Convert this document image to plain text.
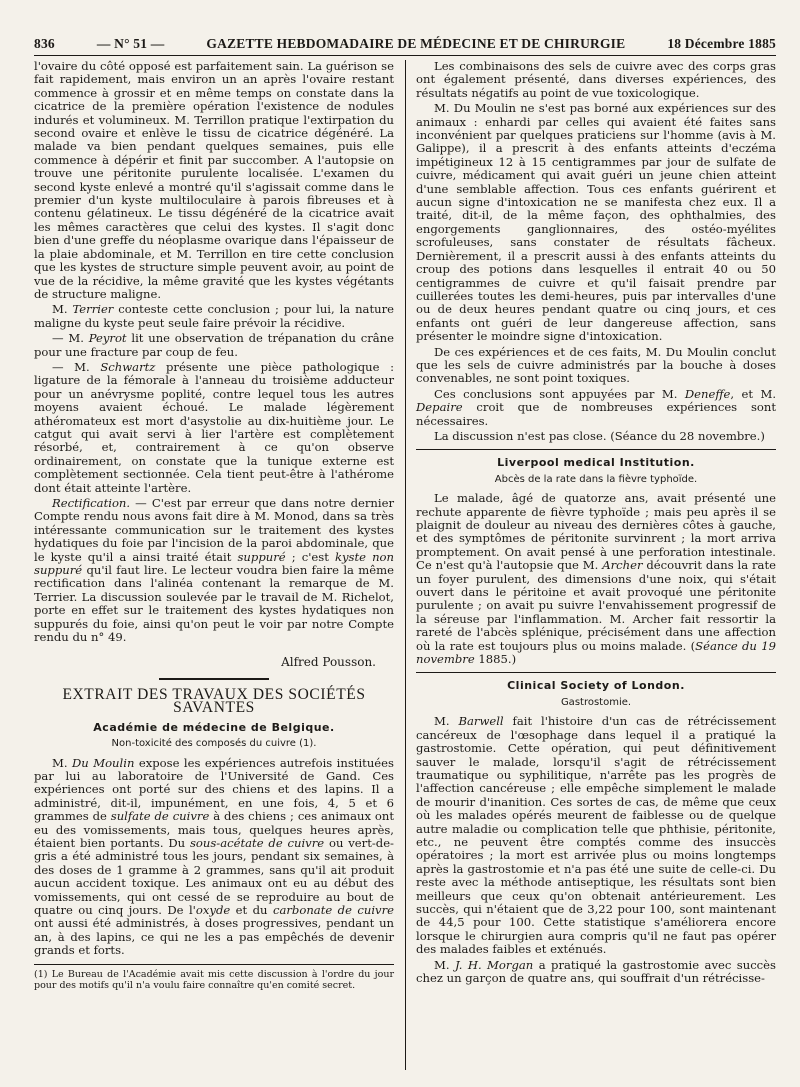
836	— N° 51 —	GAZETTE HEBDOMADAIRE DE MÉDECINE ET DE CHIRURGIE	18 Décembre 1885

l'ovaire du côté opposé est parfaitement sain. La guérison se fait rapidement, mais environ un an après l'ovaire restant commence à grossir et en même temps on constate dans la cicatrice de la première opération l'existence de nodules indurés et volumineux. M. Terrillon pratique l'extirpation du second ovaire et enlève le tissu de cicatrice dégénéré. La malade va bien pendant quelques semaines, puis elle commence à dépérir et finit par succomber. A l'autopsie on trouve une péritonite purulente localisée. L'examen du second kyste enlevé a montré qu'il s'agissait comme dans le premier d'un kyste multiloculaire à parois fibreuses et à contenu gélatineux. Le tissu dégénéré de la cicatrice avait les mêmes caractères que celui des kystes. Il s'agit donc bien d'une greffe du néoplasme ovarique dans l'épaisseur de la plaie abdominale, et M. Terrillon en tire cette conclusion que les kystes de structure simple peuvent avoir, au point de vue de la récidive, la même gravité que les kystes végétants de structure maligne.

M. Terrier conteste cette conclusion ; pour lui, la nature maligne du kyste peut seule faire prévoir la récidive.

— M. Peyrot lit une observation de trépanation du crâne pour une fracture par coup de feu.

— M. Schwartz présente une pièce pathologique : ligature de la fémorale à l'anneau du troisième adducteur pour un anévrysme poplité, contre lequel tous les autres moyens avaient échoué. Le malade légèrement athéromateux est mort d'asystolie au dix-huitième jour. Le catgut qui avait servi à lier l'artère est complètement résorbé, et, contrairement à ce qu'on observe ordinairement, on constate que la tunique externe est complètement sectionnée. Cela tient peut-être à l'athérome dont était atteinte l'artère.

Rectification. — C'est par erreur que dans notre dernier Compte rendu nous avons fait dire à M. Monod, dans sa très intéressante communication sur le traitement des kystes hydatiques du foie par l'incision de la paroi abdominale, que le kyste qu'il a ainsi traité était suppuré ; c'est kyste non suppuré qu'il faut lire. Le lecteur voudra bien faire la même rectification dans l'alinéa contenant la remarque de M. Terrier. La discussion soulevée par le travail de M. Richelot, porte en effet sur le traitement des kystes hydatiques non suppurés du foie, ainsi qu'on peut le voir par notre Compte rendu du n° 49.

Alfred Pousson.
EXTRAIT DES TRAVAUX DES SOCIÉTÉS SAVANTES
Académie de médecine de Belgique.
Non-toxicité des composés du cuivre (1).

M. Du Moulin expose les expériences autrefois instituées par lui au laboratoire de l'Université de Gand. Ces expériences ont porté sur des chiens et des lapins. Il a administré, dit-il, impunément, en une fois, 4, 5 et 6 grammes de sulfate de cuivre à des chiens ; ces animaux ont eu des vomissements, mais tous, quelques heures après, étaient bien portants. Du sous-acétate de cuivre ou vert-de-gris a été administré tous les jours, pendant six semaines, à des doses de 1 gramme à 2 grammes, sans qu'il ait produit aucun accident toxique. Les animaux ont eu au début des vomissements, qui ont cessé de se reproduire au bout de quatre ou cinq jours. De l'oxyde et du carbonate de cuivre ont aussi été administrés, à doses progressives, pendant un an, à des lapins, ce qui ne les a pas empêchés de devenir grands et forts.

(1) Le Bureau de l'Académie avait mis cette discussion à l'ordre du jour pour des motifs qu'il n'a voulu faire connaître qu'en comité secret.

Les combinaisons des sels de cuivre avec des corps gras ont également présenté, dans diverses expériences, des résultats négatifs au point de vue toxicologique.

M. Du Moulin ne s'est pas borné aux expériences sur des animaux : enhardi par celles qui avaient été faites sans inconvénient par quelques praticiens sur l'homme (avis à M. Galippe), il a prescrit à des enfants atteints d'eczéma impétigineux 12 à 15 centigrammes par jour de sulfate de cuivre, médicament qui avait guéri un jeune chien atteint d'une semblable affection. Tous ces enfants guérirent et aucun signe d'intoxication ne se manifesta chez eux. Il a traité, dit-il, de la même façon, des ophthalmies, des engorgements ganglionnaires, des ostéo-myélites scrofuleuses, sans constater de résultats fâcheux. Dernièrement, il a prescrit aussi à des enfants atteints du croup des potions dans lesquelles il entrait 40 ou 50 centigrammes de cuivre et qu'il faisait prendre par cuillerées toutes les demi-heures, puis par intervalles d'une ou de deux heures pendant quatre ou cinq jours, et ces enfants ont guéri de leur dangereuse affection, sans présenter le moindre signe d'intoxication.

De ces expériences et de ces faits, M. Du Moulin conclut que les sels de cuivre administrés par la bouche à doses convenables, ne sont point toxiques.

Ces conclusions sont appuyées par M. Deneffe, et M. Depaire croit que de nombreuses expériences sont nécessaires.

La discussion n'est pas close. (Séance du 28 novembre.)

Liverpool medical Institution.
Abcès de la rate dans la fièvre typhoïde.

Le malade, âgé de quatorze ans, avait présenté une rechute apparente de fièvre typhoïde ; mais peu après il se plaignit de douleur au niveau des dernières côtes à gauche, et des symptômes de péritonite survinrent ; la mort arriva promptement. On avait pensé à une perforation intestinale. Ce n'est qu'à l'autopsie que M. Archer découvrit dans la rate un foyer purulent, des dimensions d'une noix, qui s'était ouvert dans le péritoine et avait provoqué une péritonite purulente ; on avait pu suivre l'envahissement progressif de la séreuse par l'inflammation. M. Archer fait ressortir la rareté de l'abcès splénique, précisément dans une affection où la rate est toujours plus ou moins malade. (Séance du 19 novembre 1885.)

Clinical Society of London.
Gastrostomie.

M. Barwell fait l'histoire d'un cas de rétrécissement cancéreux de l'œsophage dans lequel il a pratiqué la gastrostomie. Cette opération, qui peut définitivement sauver le malade, lorsqu'il s'agit de rétrécissement traumatique ou syphilitique, n'arrête pas les progrès de l'affection cancéreuse ; elle empêche simplement le malade de mourir d'inanition. Ces sortes de cas, de même que ceux où les malades opérés meurent de faiblesse ou de quelque autre maladie ou complication telle que phthisie, péritonite, etc., ne peuvent être comptés comme des insuccès opératoires ; la mort est arrivée plus ou moins longtemps après la gastrostomie et n'a pas été une suite de celle-ci. Du reste avec la méthode antiseptique, les résultats sont bien meilleurs que ceux qu'on obtenait antérieurement. Les succès, qui n'étaient que de 3,22 pour 100, sont maintenant de 44,5 pour 100. Cette statistique s'améliorera encore lorsque le chirurgien aura compris qu'il ne faut pas opérer des malades faibles et exténués.

M. J. H. Morgan a pratiqué la gastrostomie avec succès chez un garçon de quatre ans, qui souffrait d'un rétrécisse-
